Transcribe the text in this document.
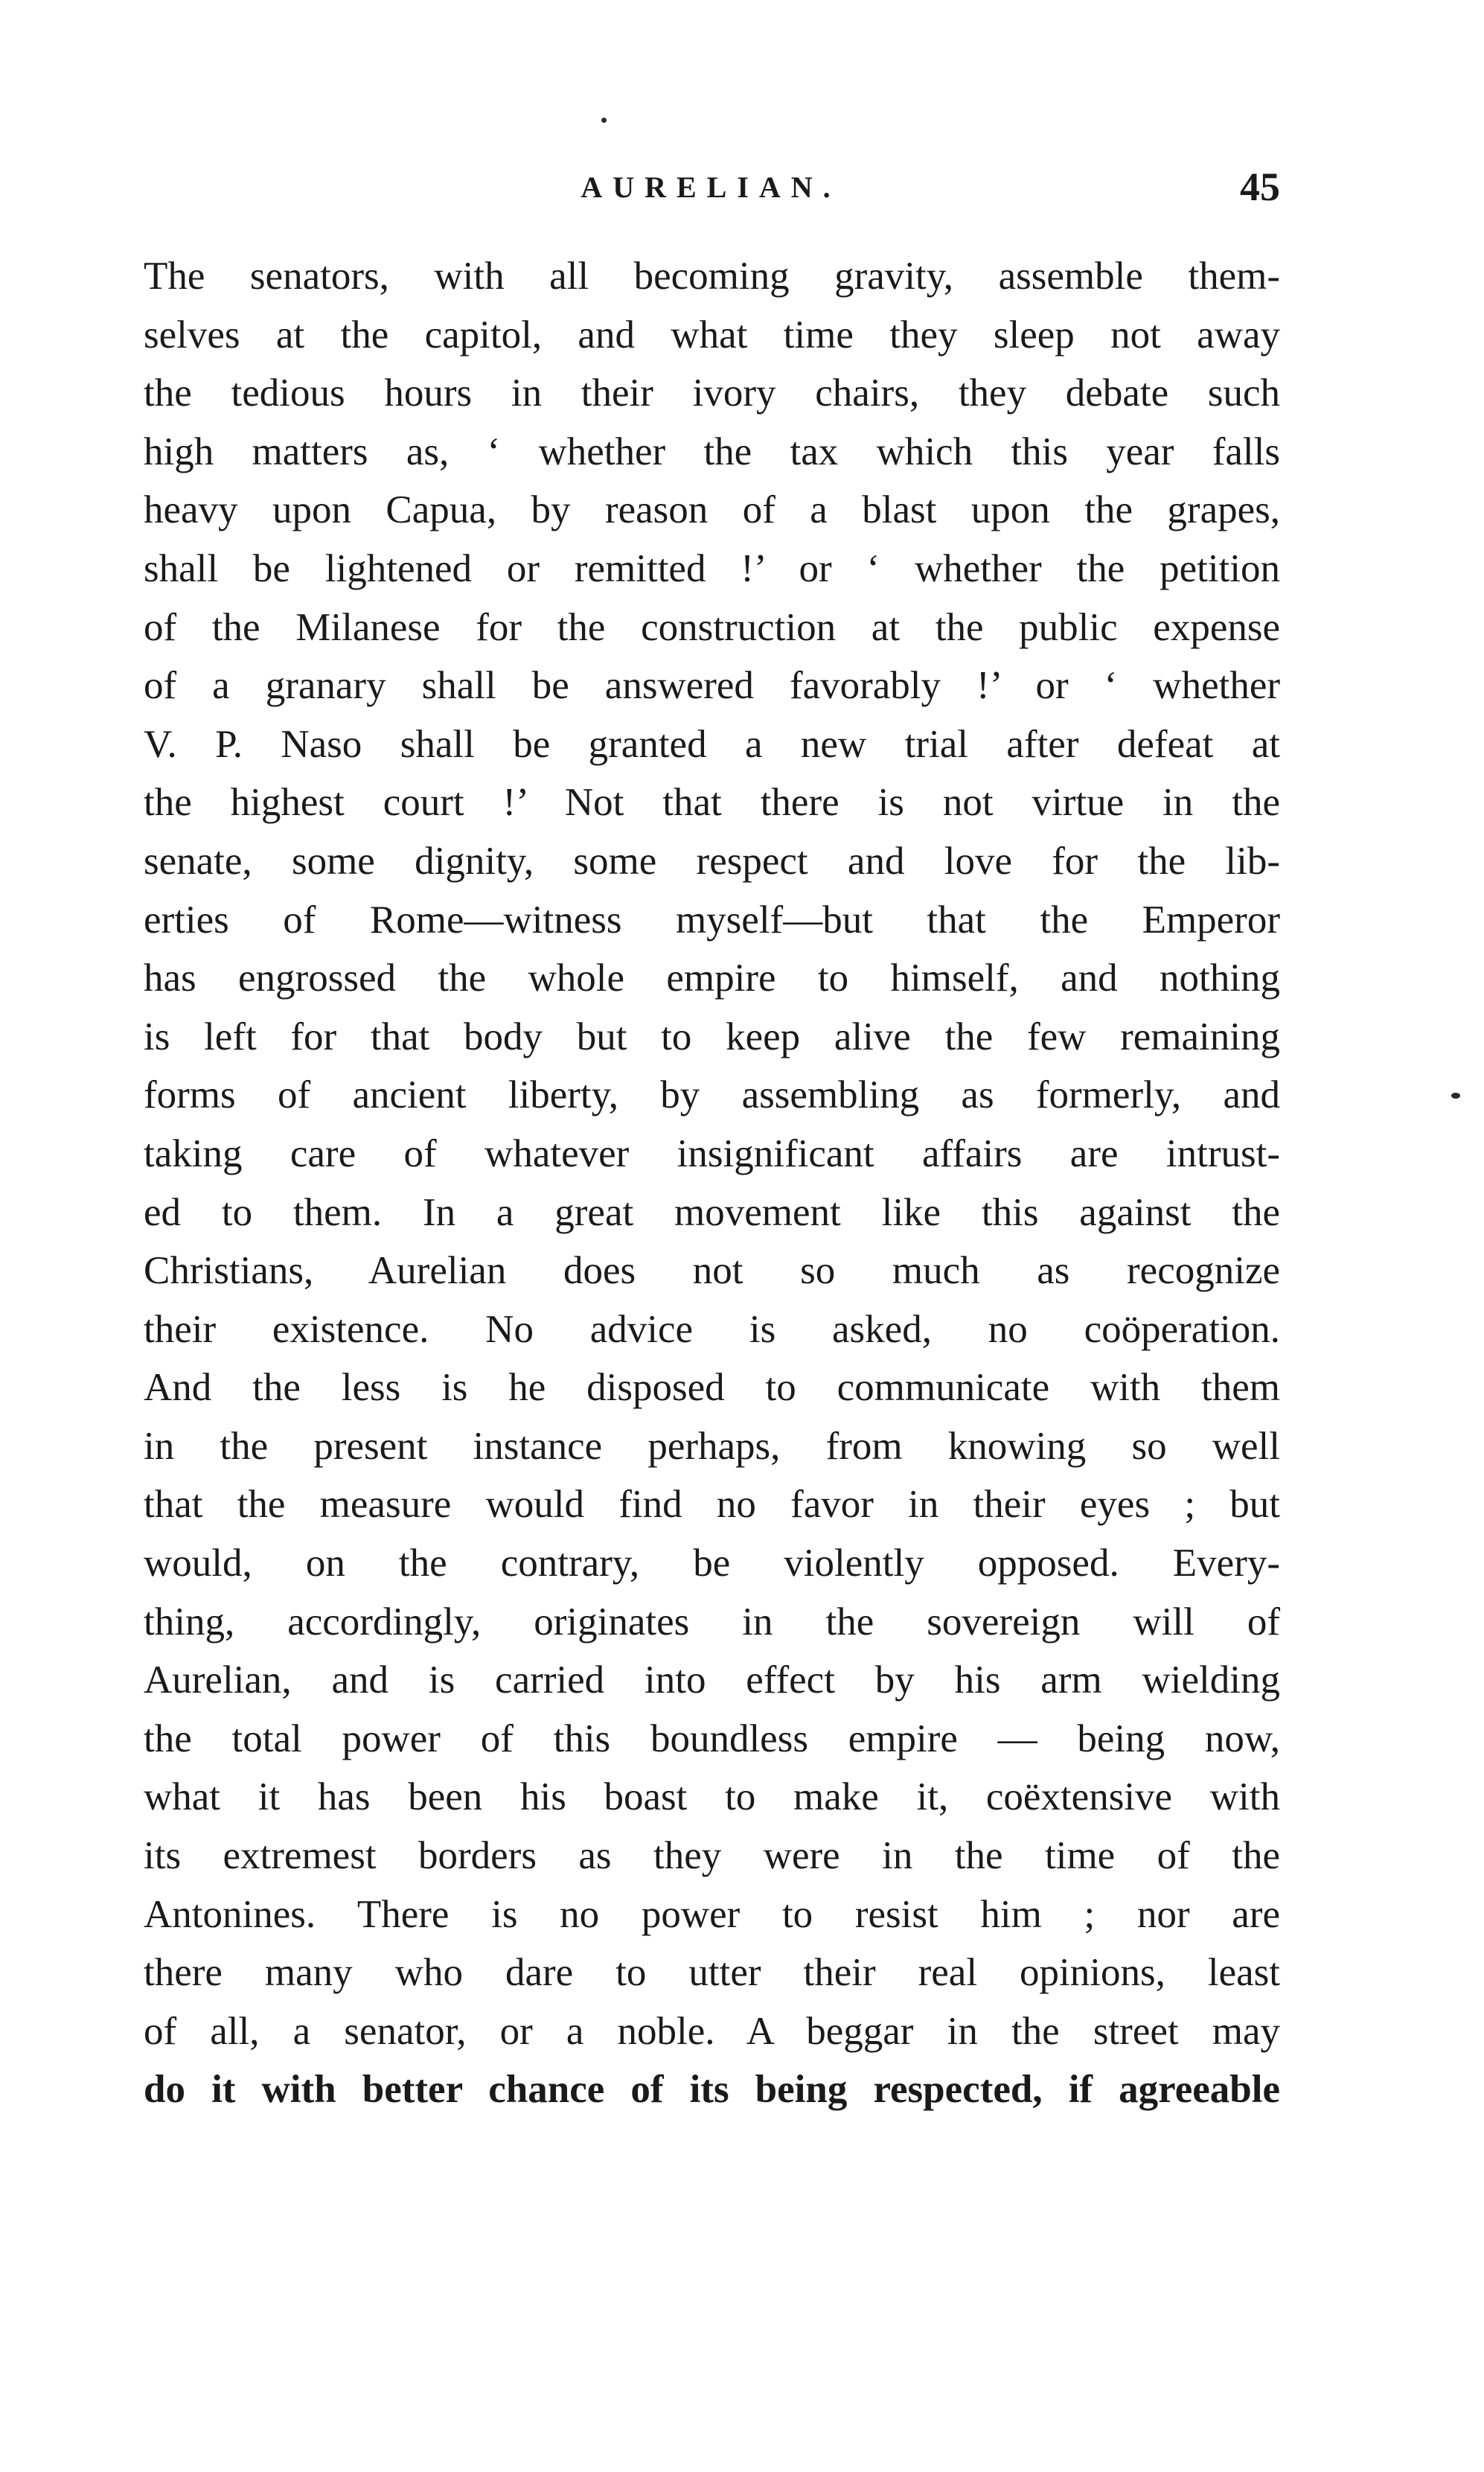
AURELIAN.	45
The senators, with all becoming gravity, assemble them-
selves at the capitol, and what time they sleep not away
the tedious hours in their ivory chairs, they debate such
high matters as, ‘ whether the tax which this year falls
heavy upon Capua, by reason of a blast upon the grapes,
shall be lightened or remitted !’ or ‘ whether the petition
of the Milanese for the construction at the public expense
of a granary shall be answered favorably !’ or ‘ whether
V. P. Naso shall be granted a new trial after defeat at
the highest court !’ Not that there is not virtue in the
senate, some dignity, some respect and love for the lib-
erties of Rome—witness myself—but that the Emperor
has engrossed the whole empire to himself, and nothing
is left for that body but to keep alive the few remaining
forms of ancient liberty, by assembling as formerly, and
taking care of whatever insignificant affairs are intrust-
ed to them. In a great movement like this against the
Christians, Aurelian does not so much as recognize
their existence. No advice is asked, no coöperation.
And the less is he disposed to communicate with them
in the present instance perhaps, from knowing so well
that the measure would find no favor in their eyes ; but
would, on the contrary, be violently opposed. Every-
thing, accordingly, originates in the sovereign will of
Aurelian, and is carried into effect by his arm wielding
the total power of this boundless empire — being now,
what it has been his boast to make it, coëxtensive with
its extremest borders as they were in the time of the
Antonines. There is no power to resist him ; nor are
there many who dare to utter their real opinions, least
of all, a senator, or a noble. A beggar in the street may
do it with better chance of its being respected, if agreeable
